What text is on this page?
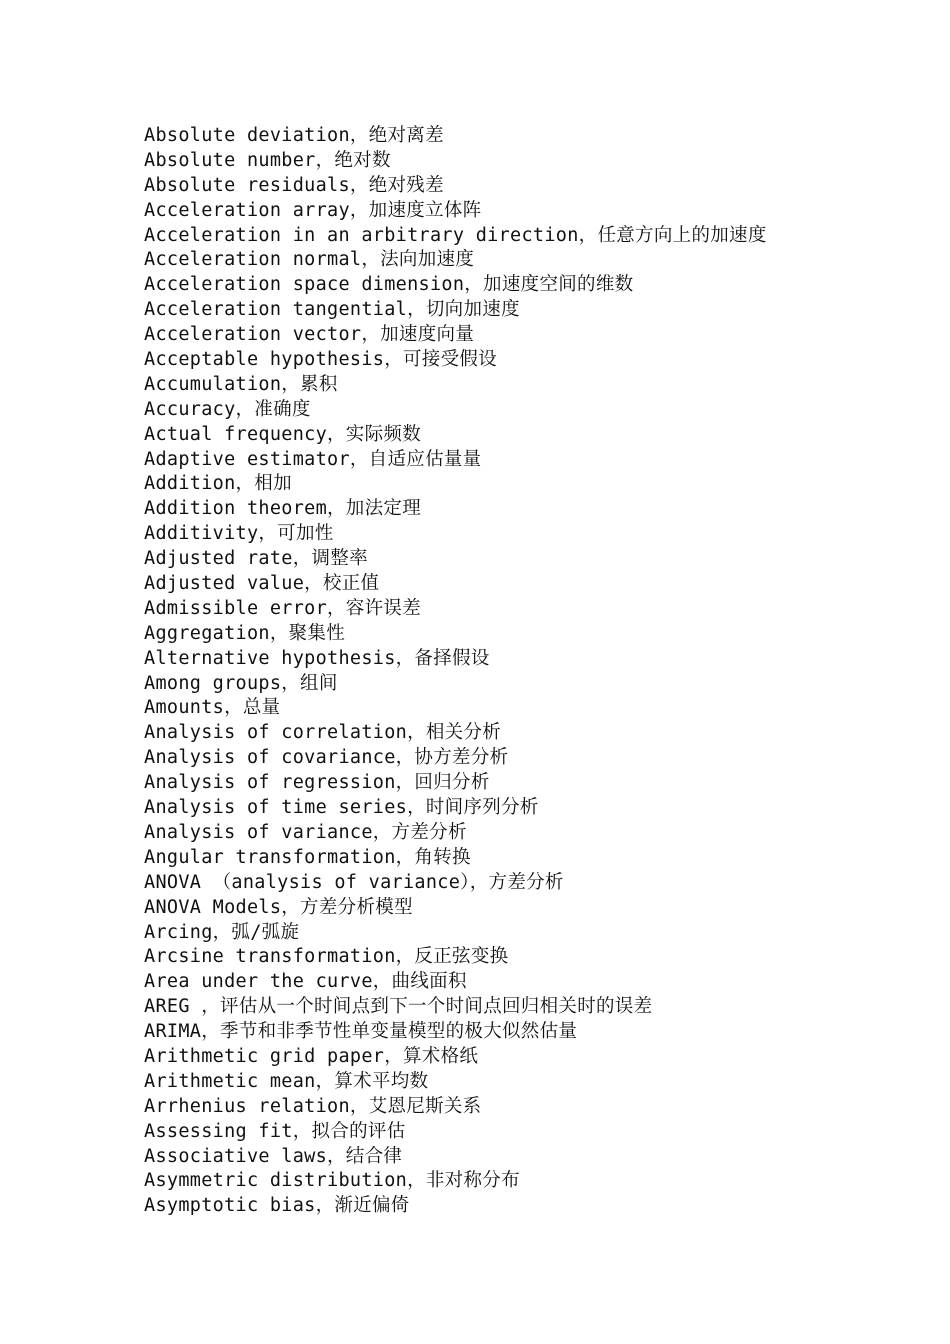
Absolute deviation，绝对离差
Absolute number，绝对数
Absolute residuals，绝对残差
Acceleration array，加速度立体阵
Acceleration in an arbitrary direction，任意方向上的加速度
Acceleration normal，法向加速度
Acceleration space dimension，加速度空间的维数
Acceleration tangential，切向加速度
Acceleration vector，加速度向量
Acceptable hypothesis，可接受假设
Accumulation，累积
Accuracy，准确度
Actual frequency，实际频数
Adaptive estimator，自适应估量量
Addition，相加
Addition theorem，加法定理
Additivity，可加性
Adjusted rate，调整率
Adjusted value，校正值
Admissible error，容许误差
Aggregation，聚集性
Alternative hypothesis，备择假设
Among groups，组间
Amounts，总量
Analysis of correlation，相关分析
Analysis of covariance，协方差分析
Analysis of regression，回归分析
Analysis of time series，时间序列分析
Analysis of variance，方差分析
Angular transformation，角转换
ANOVA （analysis of variance），方差分析
ANOVA Models，方差分析模型
Arcing，弧/弧旋
Arcsine transformation，反正弦变换
Area under the curve，曲线面积
AREG ，评估从一个时间点到下一个时间点回归相关时的误差
ARIMA，季节和非季节性单变量模型的极大似然估量
Arithmetic grid paper，算术格纸
Arithmetic mean，算术平均数
Arrhenius relation，艾恩尼斯关系
Assessing fit，拟合的评估
Associative laws，结合律
Asymmetric distribution，非对称分布
Asymptotic bias，渐近偏倚
